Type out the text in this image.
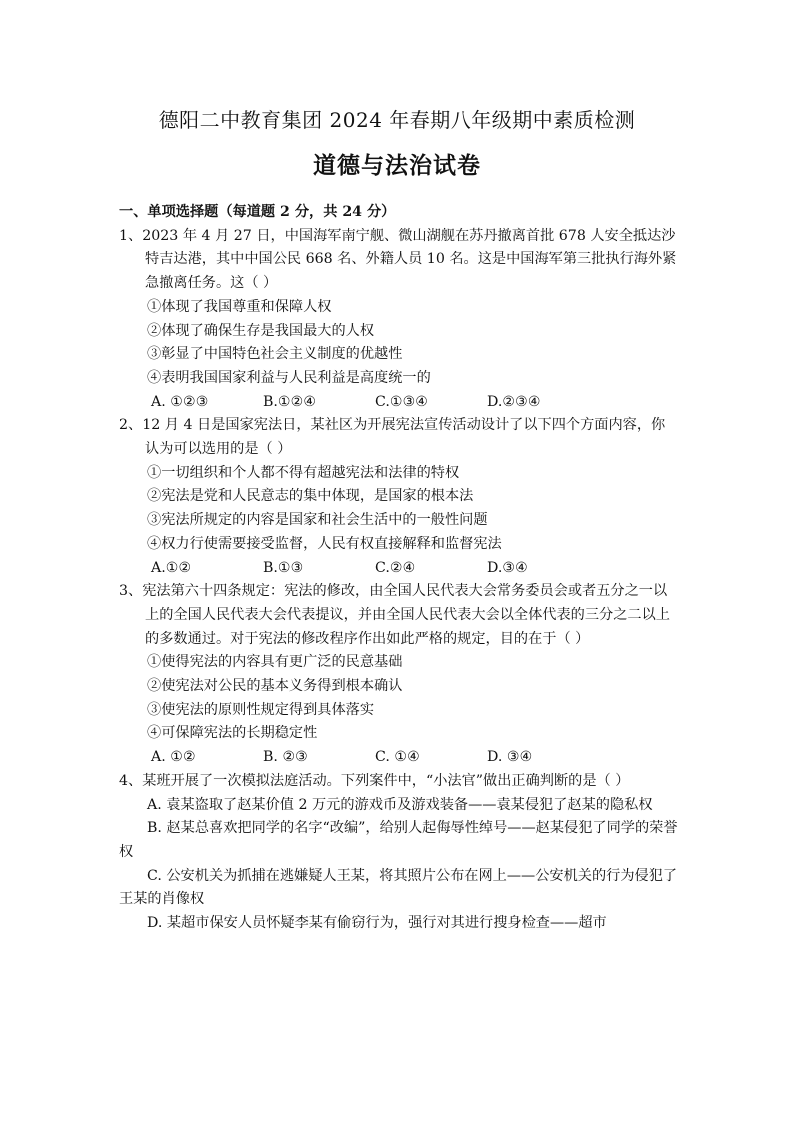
德阳二中教育集团 2024 年春期八年级期中素质检测
道德与法治试卷
一、单项选择题（每道题 2 分，共 24 分）
1、2023 年 4 月 27 日，中国海军南宁舰、微山湖舰在苏丹撤离首批 678 人安全抵达沙特吉达港，其中中国公民 668 名、外籍人员 10 名。这是中国海军第三批执行海外紧急撤离任务。这（ ）
①体现了我国尊重和保障人权
②体现了确保生存是我国最大的人权
③彰显了中国特色社会主义制度的优越性
④表明我国国家利益与人民利益是高度统一的
A. ①②③	B.①②④	C.①③④	D.②③④
2、12 月 4 日是国家宪法日，某社区为开展宪法宣传活动设计了以下四个方面内容，你认为可以选用的是（ ）
①一切组织和个人都不得有超越宪法和法律的特权
②宪法是党和人民意志的集中体现，是国家的根本法
③宪法所规定的内容是国家和社会生活中的一般性问题
④权力行使需要接受监督，人民有权直接解释和监督宪法
A.①②	B.①③	C.②④	D.③④
3、宪法第六十四条规定：宪法的修改，由全国人民代表大会常务委员会或者五分之一以上的全国人民代表大会代表提议，并由全国人民代表大会以全体代表的三分之二以上的多数通过。对于宪法的修改程序作出如此严格的规定，目的在于（ ）
①使得宪法的内容具有更广泛的民意基础
②使宪法对公民的基本义务得到根本确认
③使宪法的原则性规定得到具体落实
④可保障宪法的长期稳定性
A. ①②	B. ②③	C. ①④	D. ③④
4、某班开展了一次模拟法庭活动。下列案件中，“小法官”做出正确判断的是（ ）
A. 袁某盗取了赵某价值 2 万元的游戏币及游戏装备——袁某侵犯了赵某的隐私权
B. 赵某总喜欢把同学的名字“改编”，给别人起侮辱性绰号——赵某侵犯了同学的荣誉权
C. 公安机关为抓捕在逃嫌疑人王某，将其照片公布在网上——公安机关的行为侵犯了王某的肖像权
D. 某超市保安人员怀疑李某有偷窃行为，强行对其进行搜身检查——超市
